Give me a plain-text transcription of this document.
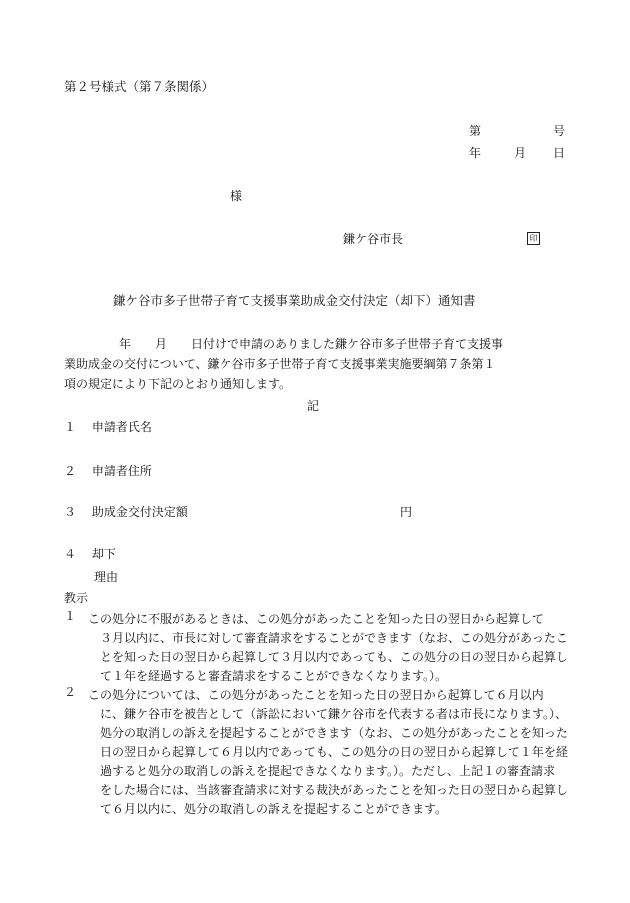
第２号様式（第７条関係）
第	号
年	月 日
様
鎌ケ谷市長	印
鎌ケ谷市多子世帯子育て支援事業助成金交付決定（却下）通知書
年　　月　　日付けで申請のありました鎌ケ谷市多子世帯子育て支援事
業助成金の交付について、鎌ケ谷市多子世帯子育て支援事業実施要綱第７条第１
項の規定により下記のとおり通知します。
記
１　 申請者氏名
２　 申請者住所
３　 助成金交付決定額	円
４　 却下
理由
教示
１ この処分に不服があるときは、この処分があったことを知った日の翌日から起算して
３月以内に、市長に対して審査請求をすることができます（なお、この処分があったこ
とを知った日の翌日から起算して３月以内であっても、この処分の日の翌日から起算し
て１年を経過すると審査請求をすることができなくなります。）。
２ この処分については、この処分があったことを知った日の翌日から起算して６月以内
に、鎌ケ谷市を被告として（訴訟において鎌ケ谷市を代表する者は市長になります。）、
処分の取消しの訴えを提起することができます（なお、この処分があったことを知った
日の翌日から起算して６月以内であっても、この処分の日の翌日から起算して１年を経
過すると処分の取消しの訴えを提起できなくなります。）。ただし、上記１の審査請求
をした場合には、当該審査請求に対する裁決があったことを知った日の翌日から起算し
て６月以内に、処分の取消しの訴えを提起することができます。
